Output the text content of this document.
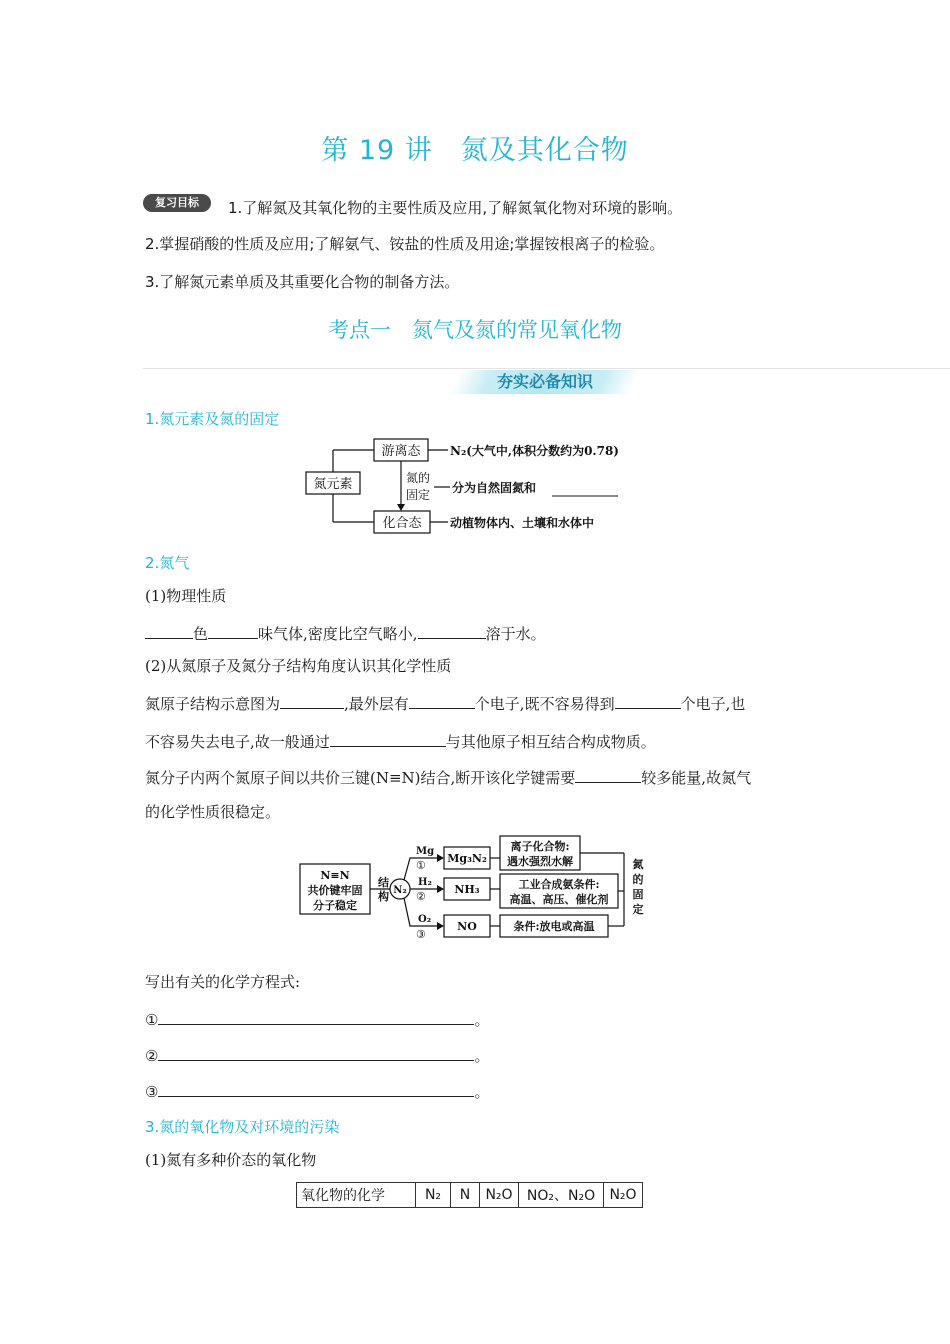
第 19 讲　氮及其化合物
复习目标	1.了解氮及其氧化物的主要性质及应用,了解氮氧化物对环境的影响。
2.掌握硝酸的性质及应用;了解氨气、铵盐的性质及用途;掌握铵根离子的检验。
3.了解氮元素单质及其重要化合物的制备方法。
考点一　氮气及氮的常见氧化物
夯实必备知识
1.氮元素及氮的固定
氮元素
游离态 N₂(大气中,体积分数约为0.78)
化合态 动植物体内、土壤和水体中
氮的
固定 分为自然固氮和
2.氮气
(1)物理性质
色	味气体,密度比空气略小,	溶于水。
(2)从氮原子及氮分子结构角度认识其化学性质
氮原子结构示意图为	,最外层有	个电子,既不容易得到	个电子,也
不容易失去电子,故一般通过	与其他原子相互结合构成物质。
氮分子内两个氮原子间以共价三键(N≡N)结合,断开该化学键需要	较多能量,故氮气
的化学性质很稳定。
N≡N
共价键牢固
分子稳定
结
构 N₂
Mg
①
H₂
②
O₂
③
Mg₃N₂
NH₃
NO
离子化合物:
遇水强烈水解
工业合成氨条件:
高温、高压、催化剂
条件:放电或高温
氮
的
固
定
写出有关的化学方程式:
①	。
②	。
③	。
3.氮的氧化物及对环境的污染
(1)氮有多种价态的氧化物
氧化物的化学	N₂	N	N₂O	NO₂、N₂O	N₂O
